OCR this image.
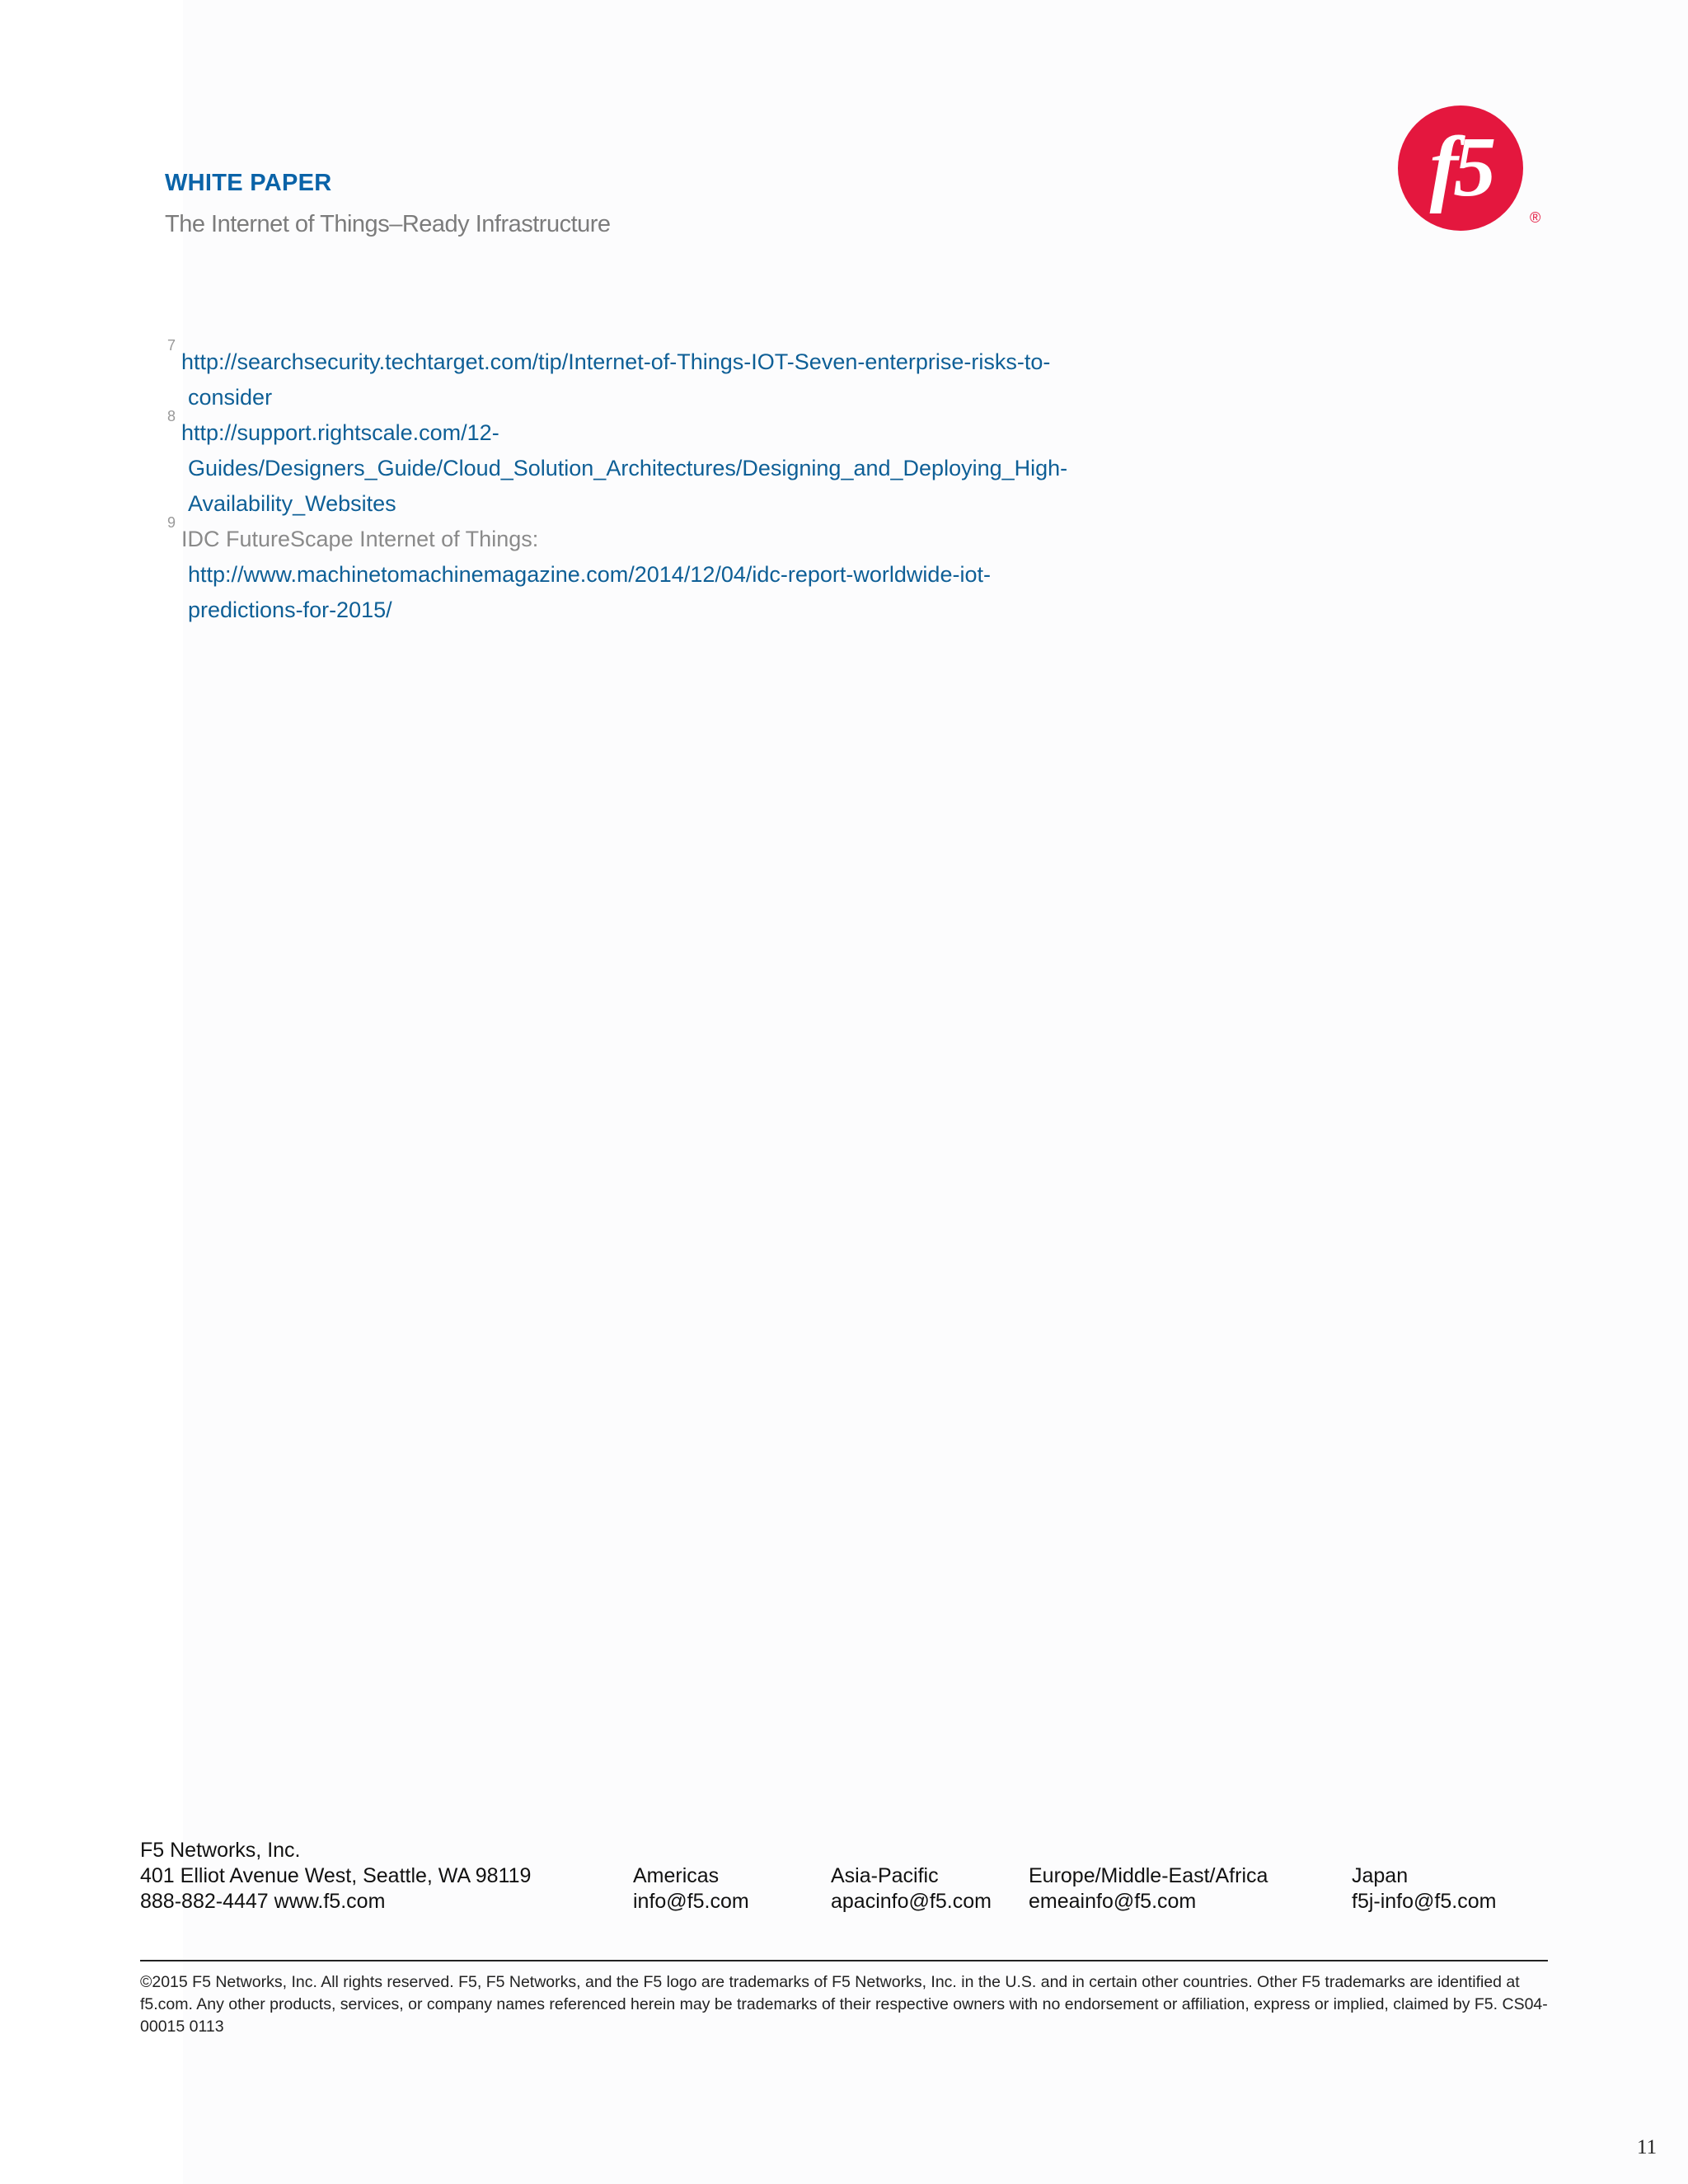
WHITE PAPER
The Internet of Things–Ready Infrastructure
f5
®
7
http://searchsecurity.techtarget.com/tip/Internet-of-Things-IOT-Seven-enterprise-risks-to-
consider
8
http://support.rightscale.com/12-
Guides/Designers_Guide/Cloud_Solution_Architectures/Designing_and_Deploying_High-
Availability_Websites
9
IDC FutureScape Internet of Things:
http://www.machinetomachinemagazine.com/2014/12/04/idc-report-worldwide-iot-
predictions-for-2015/
F5 Networks, Inc.
401 Elliot Avenue West, Seattle, WA 98119
888-882-4447 www.f5.com
Americas
info@f5.com
Asia-Pacific
apacinfo@f5.com
Europe/Middle-East/Africa
emeainfo@f5.com
Japan
f5j-info@f5.com
©2015 F5 Networks, Inc. All rights reserved. F5, F5 Networks, and the F5 logo are trademarks of F5 Networks, Inc. in the U.S. and in certain other countries. Other F5 trademarks are identified at f5.com. Any other products, services, or company names referenced herein may be trademarks of their respective owners with no endorsement or affiliation, express or implied, claimed by F5. CS04-00015 0113
11
